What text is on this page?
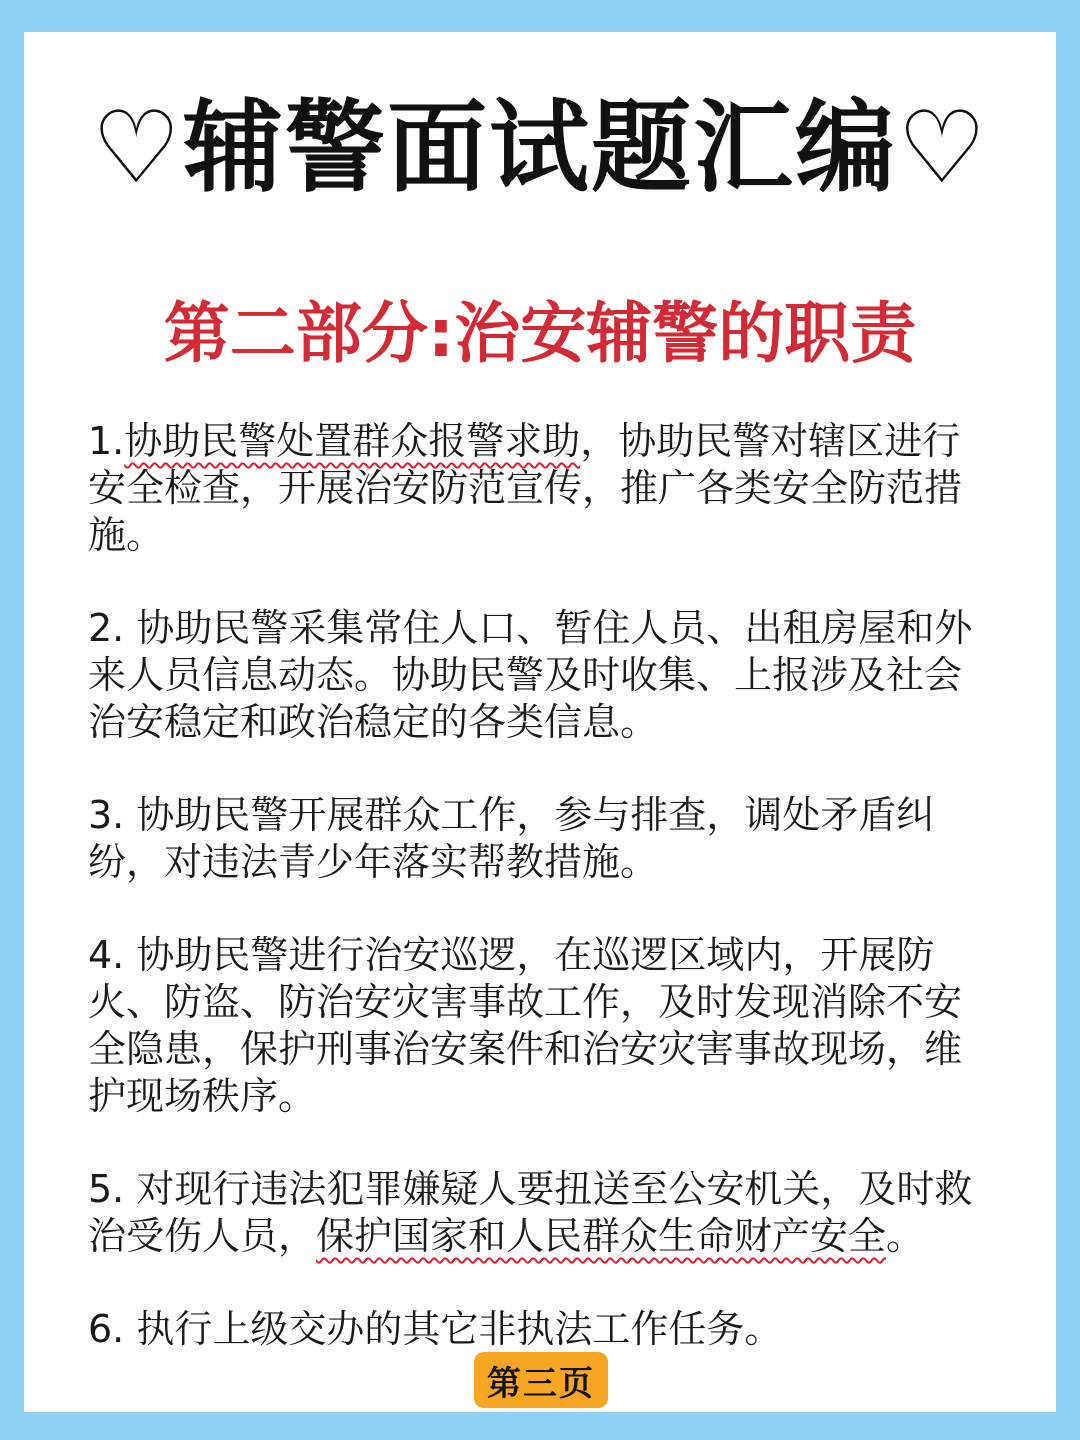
♡辅警面试题汇编♡
第二部分:治安辅警的职责

1.协助民警处置群众报警求助，协助民警对辖区进行安全检查，开展治安防范宣传，推广各类安全防范措施。

2. 协助民警采集常住人口、暂住人员、出租房屋和外来人员信息动态。协助民警及时收集、上报涉及社会治安稳定和政治稳定的各类信息。

3. 协助民警开展群众工作，参与排查，调处矛盾纠纷，对违法青少年落实帮教措施。

4. 协助民警进行治安巡逻，在巡逻区域内，开展防火、防盗、防治安灾害事故工作，及时发现消除不安全隐患，保护刑事治安案件和治安灾害事故现场，维护现场秩序。

5. 对现行违法犯罪嫌疑人要扭送至公安机关，及时救治受伤人员，保护国家和人民群众生命财产安全。

6. 执行上级交办的其它非执法工作任务。

第三页
